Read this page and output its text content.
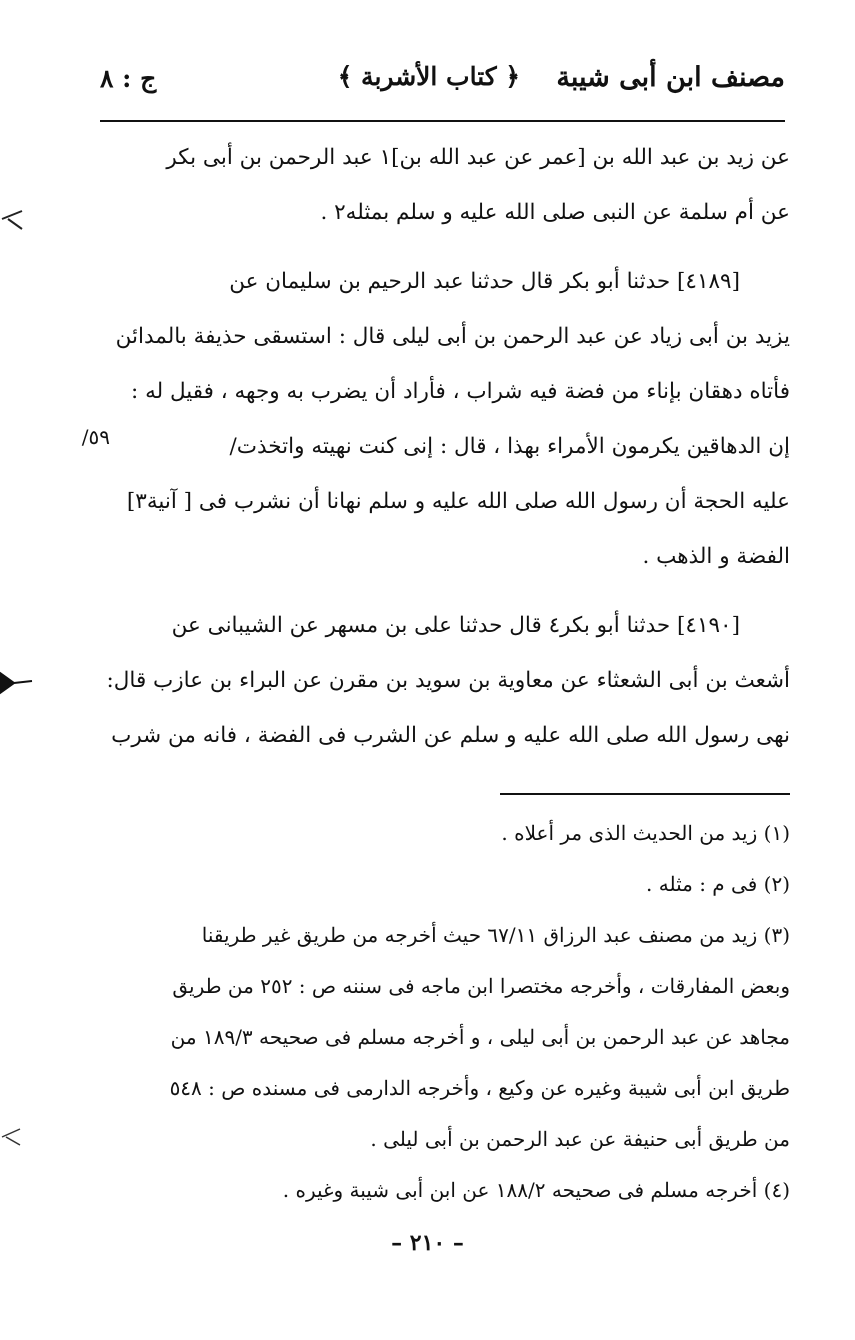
مصنف ابن أبى شيبة
﴿ كتاب الأشربة ﴾
ج : ٨
عن زيد بن عبد الله بن [عمر عن عبد الله بن]١ عبد الرحمن بن أبى بكر
عن أم سلمة عن النبى صلى الله عليه و سلم بمثله٢ .
[٤١٨٩] حدثنا أبو بكر قال حدثنا عبد الرحيم بن سليمان عن
يزيد بن أبى زياد عن عبد الرحمن بن أبى ليلى قال : استسقى حذيفة بالمدائن
فأتاه دهقان بإناء من فضة فيه شراب ، فأراد أن يضرب به وجهه ، فقيل له :
إن الدهاقين يكرمون الأمراء بهذا ، قال : إنى كنت نهيته واتخذت/
عليه الحجة أن رسول الله صلى الله عليه و سلم نهانا أن نشرب فى [ آنية٣]
الفضة و الذهب .
[٤١٩٠] حدثنا أبو بكر٤ قال حدثنا على بن مسهر عن الشيبانى عن
أشعث بن أبى الشعثاء عن معاوية بن سويد بن مقرن عن البراء بن عازب قال:
نهى رسول الله صلى الله عليه و سلم عن الشرب فى الفضة ، فانه من شرب
٥٩/
(١) زيد من الحديث الذى مر أعلاه .
(٢) فى م : مثله .
(٣) زيد من مصنف عبد الرزاق ٦٧/١١ حيث أخرجه من طريق غير طريقنا
وبعض المفارقات ، وأخرجه مختصرا ابن ماجه فى سننه ص : ٢٥٢ من طريق
مجاهد عن عبد الرحمن بن أبى ليلى ، و أخرجه مسلم فى صحيحه ١٨٩/٣ من
طريق ابن أبى شيبة وغيره عن وكيع ، وأخرجه الدارمى فى مسنده ص : ٥٤٨
من طريق أبى حنيفة عن عبد الرحمن بن أبى ليلى .
(٤) أخرجه مسلم فى صحيحه ١٨٨/٢ عن ابن أبى شيبة وغيره .
– ٢١٠ –
